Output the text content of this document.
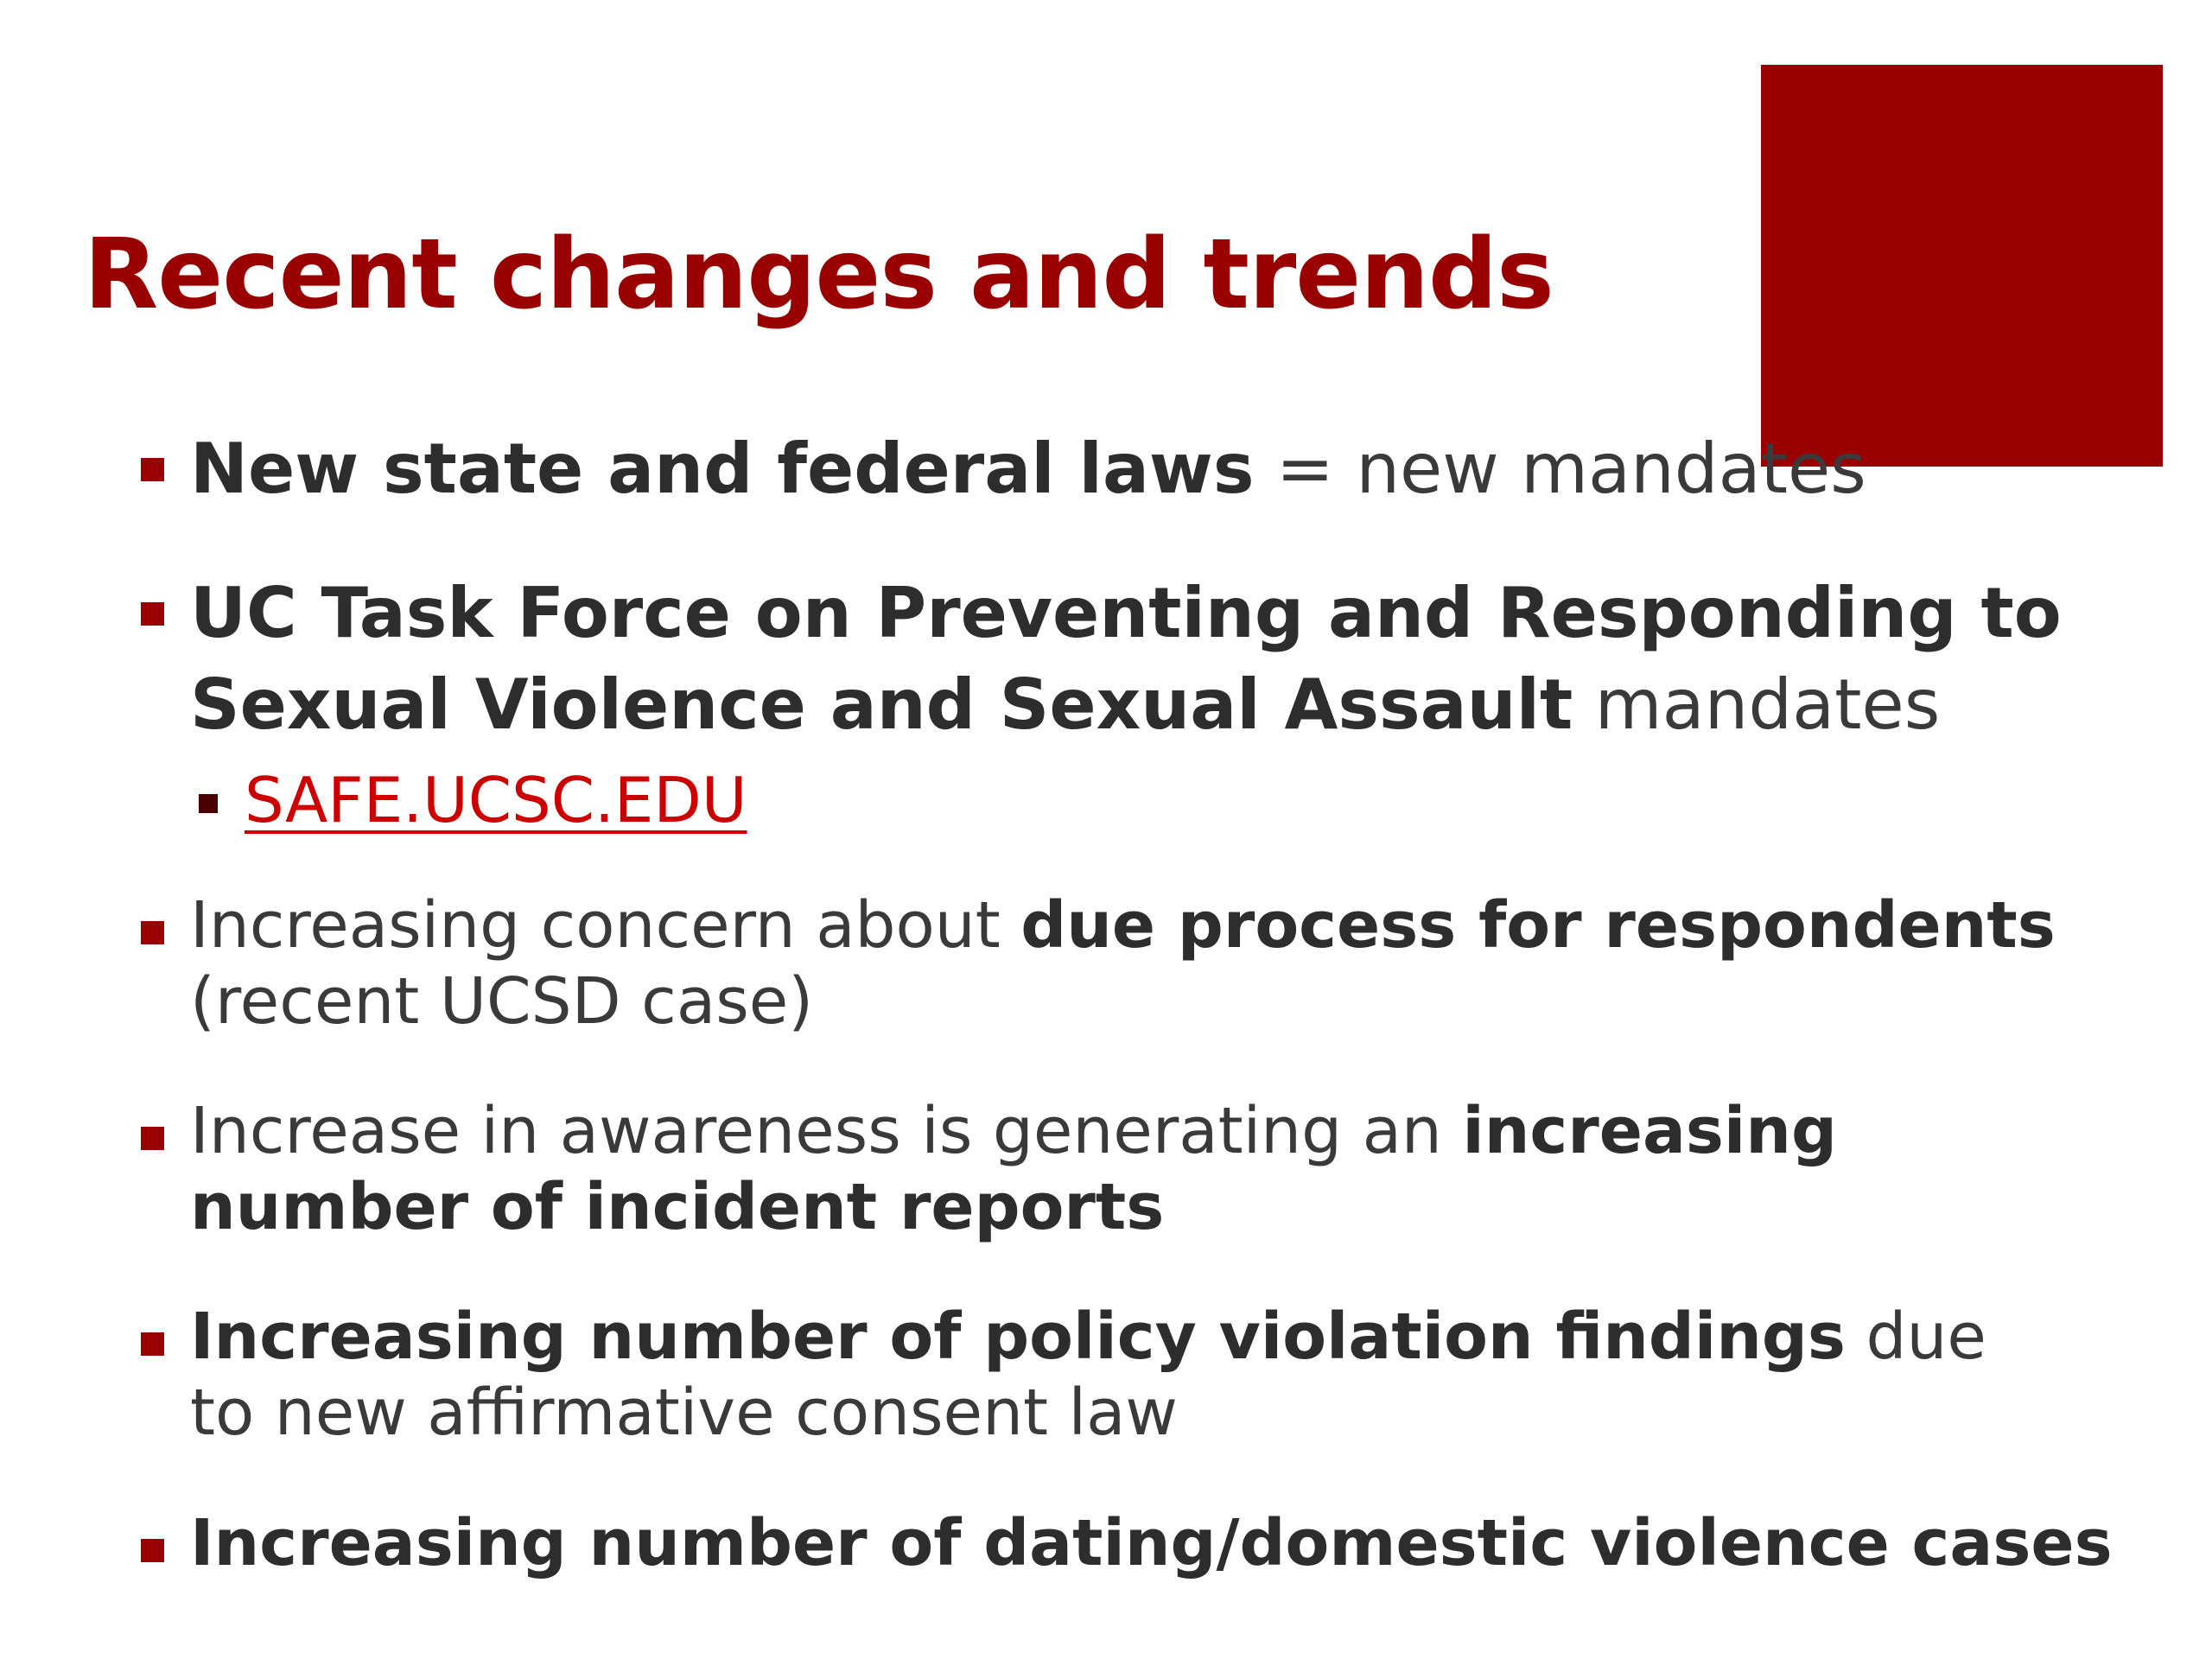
Recent changes and trends
New state and federal laws = new mandates
UC Task Force on Preventing and Responding to Sexual Violence and Sexual Assault mandates
SAFE.UCSC.EDU
Increasing concern about due process for respondents (recent UCSD case)
Increase in awareness is generating an increasing number of incident reports
Increasing number of policy violation findings due to new affirmative consent law
Increasing number of dating/domestic violence cases
